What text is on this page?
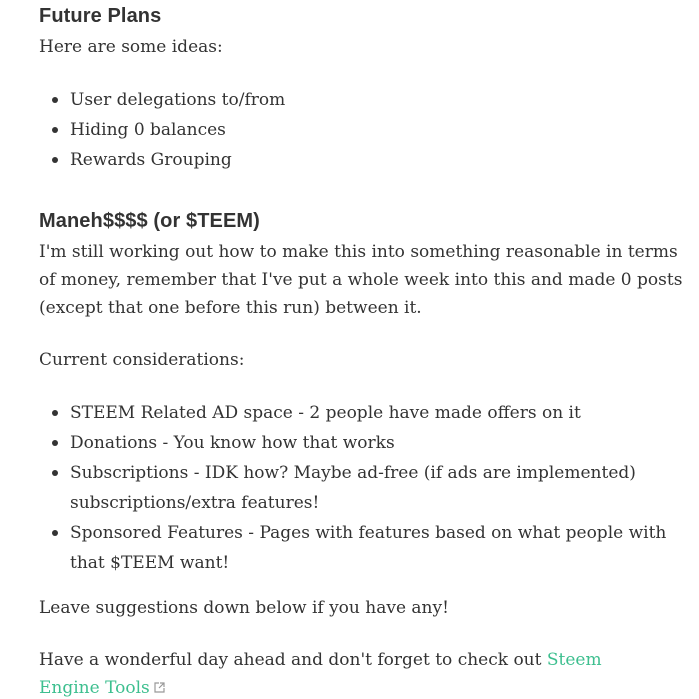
Future Plans

Here are some ideas:

User delegations to/from
Hiding 0 balances
Rewards Grouping
Maneh$$$$ (or $TEEM)

I'm still working out how to make this into something reasonable in terms of money, remember that I've put a whole week into this and made 0 posts (except that one before this run) between it.

Current considerations:

STEEM Related AD space - 2 people have made offers on it
Donations - You know how that works
Subscriptions - IDK how? Maybe ad-free (if ads are implemented) subscriptions/extra features!
Sponsored Features - Pages with features based on what people with that $TEEM want!

Leave suggestions down below if you have any!

Have a wonderful day ahead and don't forget to check out Steem Engine Tools
